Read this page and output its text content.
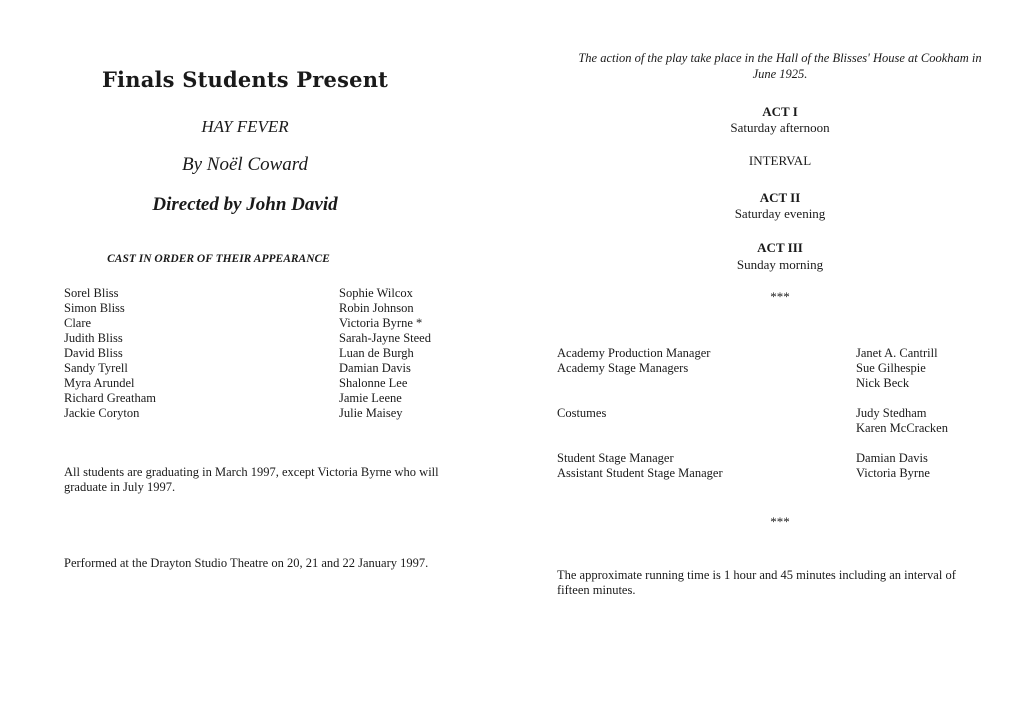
Finals Students Present
HAY FEVER
By Noël Coward
Directed by John David
CAST IN ORDER OF THEIR APPEARANCE
Sorel Bliss
Simon Bliss
Clare
Judith Bliss
David Bliss
Sandy Tyrell
Myra Arundel
Richard Greatham
Jackie Coryton
Sophie Wilcox
Robin Johnson
Victoria Byrne *
Sarah-Jayne Steed
Luan de Burgh
Damian Davis
Shalonne Lee
Jamie Leene
Julie Maisey
All students are graduating in March 1997, except Victoria Byrne who will graduate in July 1997.
Performed at the Drayton Studio Theatre on 20, 21 and 22 January 1997.
The action of the play take place in the Hall of the Blisses' House at Cookham in June 1925.
ACT I
Saturday afternoon
INTERVAL
ACT II
Saturday evening
ACT III
Sunday morning
***
Academy Production Manager
Academy Stage Managers
Janet A. Cantrill
Sue Gilhespie
Nick Beck
Costumes	Judy Stedham
Karen McCracken
Student Stage Manager
Assistant Student Stage Manager
Damian Davis
Victoria Byrne
***
The approximate running time is 1 hour and 45 minutes including an interval of fifteen minutes.
